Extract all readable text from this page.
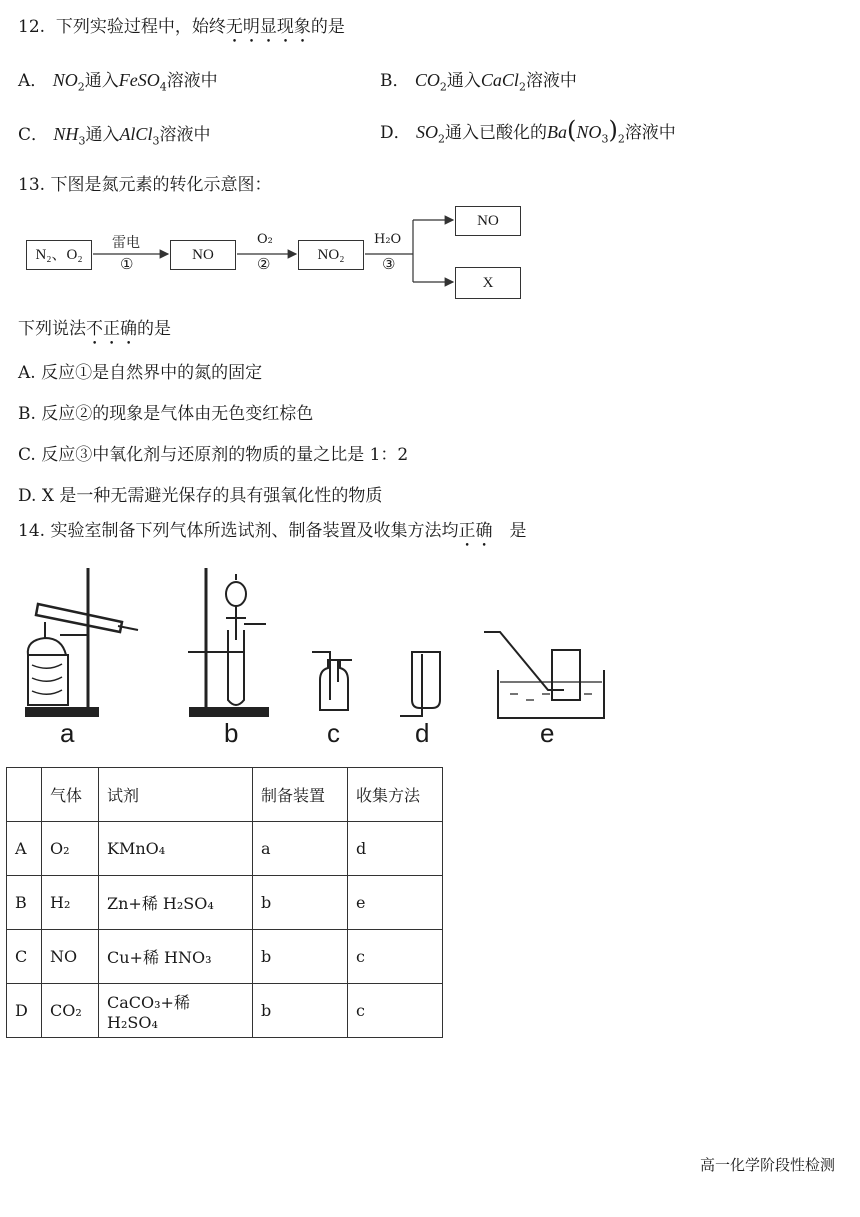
12. 下列实验过程中，始终无明显现象的是
A． $NO_2$通入FeSO$_4$溶液中	B． $CO_2$通入CaCl$_2$溶液中
C． $NH_3$通入AlCl$_3$溶液中	D． $SO_2$通入已酸化的$Ba(NO_3)_2$溶液中
13. 下图是氮元素的转化示意图：
N₂、O₂	NO	NO₂
NO
X
雷电
①
O₂
②
H₂O
③
下列说法不正确的是
A. 反应①是自然界中的氮的固定
B. 反应②的现象是气体由无色变红棕色
C. 反应③中氧化剂与还原剂的物质的量之比是 1：2
D. X 是一种无需避光保存的具有强氧化性的物质
14. 实验室制备下列气体所选试剂、制备装置及收集方法均正确　是
a	b	c	d	e
	气体	试剂	制备装置	收集方法
A	O₂	KMnO₄	a	d
B	H₂	Zn+稀 H₂SO₄	b	e
C	NO	Cu+稀 HNO₃	b	c
D	CO₂	CaCO₃+稀 H₂SO₄	b	c
高一化学阶段性检测
